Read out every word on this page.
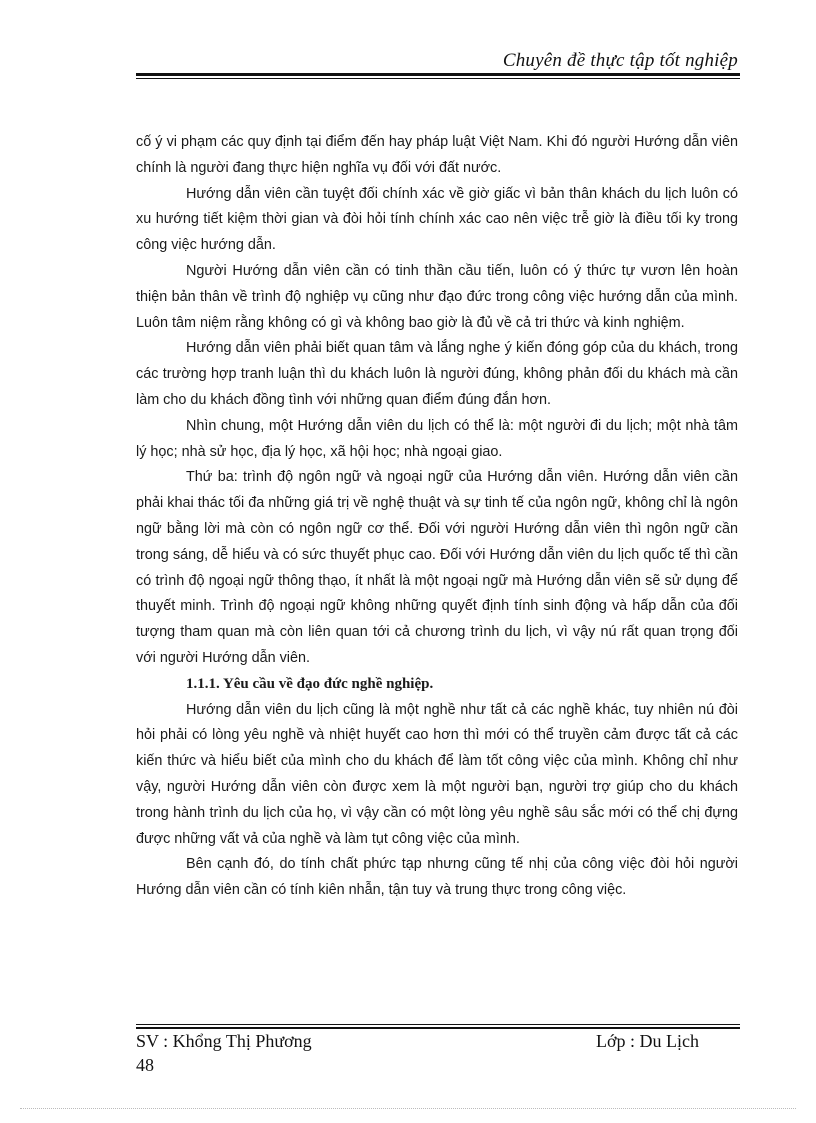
Chuyên đề thực tập tốt nghiệp

cố ý vi phạm các quy định tại điểm đến hay pháp luật Việt Nam. Khi đó người Hướng dẫn viên chính là người đang thực hiện nghĩa vụ đối với đất nước.

Hướng dẫn viên cần tuyệt đối chính xác về giờ giấc vì bản thân khách du lịch luôn có xu hướng tiết kiệm thời gian và đòi hỏi tính chính xác cao nên việc trễ giờ là điều tối ky trong công việc hướng dẫn.

Người Hướng dẫn viên cần có tinh thần cầu tiến, luôn có ý thức tự vươn lên hoàn thiện bản thân về trình độ nghiệp vụ cũng như đạo đức trong công việc hướng dẫn của mình. Luôn tâm niệm rằng không có gì và không bao giờ là đủ về cả tri thức và kinh nghiệm.

Hướng dẫn viên phải biết quan tâm và lắng nghe ý kiến đóng góp của du khách, trong các trường hợp tranh luận thì du khách luôn là người đúng, không phản đối du khách mà cần làm cho du khách đồng tình với những quan điểm đúng đắn hơn.

Nhìn chung, một Hướng dẫn viên du lịch có thể là: một người đi du lịch; một nhà tâm lý học; nhà sử học, địa lý học, xã hội học; nhà ngoại giao.

Thứ ba: trình độ ngôn ngữ và ngoại ngữ của Hướng dẫn viên. Hướng dẫn viên cần phải khai thác tối đa những giá trị về nghệ thuật và sự tinh tế của ngôn ngữ, không chỉ là ngôn ngữ bằng lời mà còn có ngôn ngữ cơ thể. Đối với người Hướng dẫn viên thì ngôn ngữ cần trong sáng, dễ hiểu và có sức thuyết phục cao. Đối với Hướng dẫn viên du lịch quốc tế thì cần có trình độ ngoại ngữ thông thạo, ít nhất là một ngoại ngữ mà Hướng dẫn viên sẽ sử dụng để thuyết minh. Trình độ ngoại ngữ không những quyết định tính sinh động và hấp dẫn của đối tượng tham quan mà còn liên quan tới cả chương trình du lịch, vì vậy nú rất quan trọng đối với người Hướng dẫn viên.

1.1.1. Yêu cầu về đạo đức nghề nghiệp.

Hướng dẫn viên du lịch cũng là một nghề như tất cả các nghề khác, tuy nhiên nú đòi hỏi phải có lòng yêu nghề và nhiệt huyết cao hơn thì mới có thể truyền cảm được tất cả các kiến thức và hiểu biết của mình cho du khách để làm tốt công việc của mình. Không chỉ như vậy, người Hướng dẫn viên còn được xem là một người bạn, người trợ giúp cho du khách trong hành trình du lịch của họ, vì vậy cần có một lòng yêu nghề sâu sắc mới có thể chị đựng được những vất vả của nghề và làm tụt công việc của mình.

Bên cạnh đó, do tính chất phức tạp nhưng cũng tế nhị của công việc đòi hỏi người Hướng dẫn viên cần có tính kiên nhẫn, tận tuy và trung thực trong công việc.

SV : Khổng Thị Phương	Lớp : Du Lịch
48
